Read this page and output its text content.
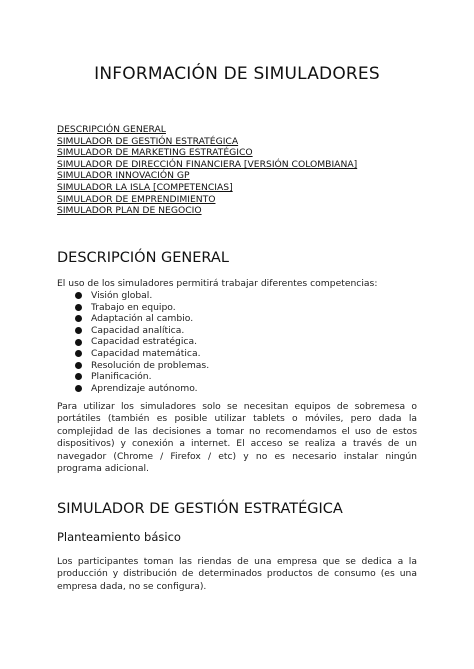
INFORMACIÓN DE SIMULADORES
DESCRIPCIÓN GENERAL
SIMULADOR DE GESTIÓN ESTRATÉGICA
SIMULADOR DE MARKETING ESTRATÉGICO
SIMULADOR DE DIRECCIÓN FINANCIERA [VERSIÓN COLOMBIANA]
SIMULADOR INNOVACIÓN GP
SIMULADOR LA ISLA [COMPETENCIAS]
SIMULADOR DE EMPRENDIMIENTO
SIMULADOR PLAN DE NEGOCIO
DESCRIPCIÓN GENERAL
El uso de los simuladores permitirá trabajar diferentes competencias:
Visión global.
Trabajo en equipo.
Adaptación al cambio.
Capacidad analítica.
Capacidad estratégica.
Capacidad matemática.
Resolución de problemas.
Planificación.
Aprendizaje autónomo.
Para utilizar los simuladores solo se necesitan equipos de sobremesa o portátiles (también es posible utilizar tablets o móviles, pero dada la complejidad de las decisiones a tomar no recomendamos el uso de estos dispositivos) y conexión a internet. El acceso se realiza a través de un navegador (Chrome / Firefox / etc) y no es necesario instalar ningún programa adicional.
SIMULADOR DE GESTIÓN ESTRATÉGICA
Planteamiento básico
Los participantes toman las riendas de una empresa que se dedica a la producción y distribución de determinados productos de consumo (es una empresa dada, no se configura).
